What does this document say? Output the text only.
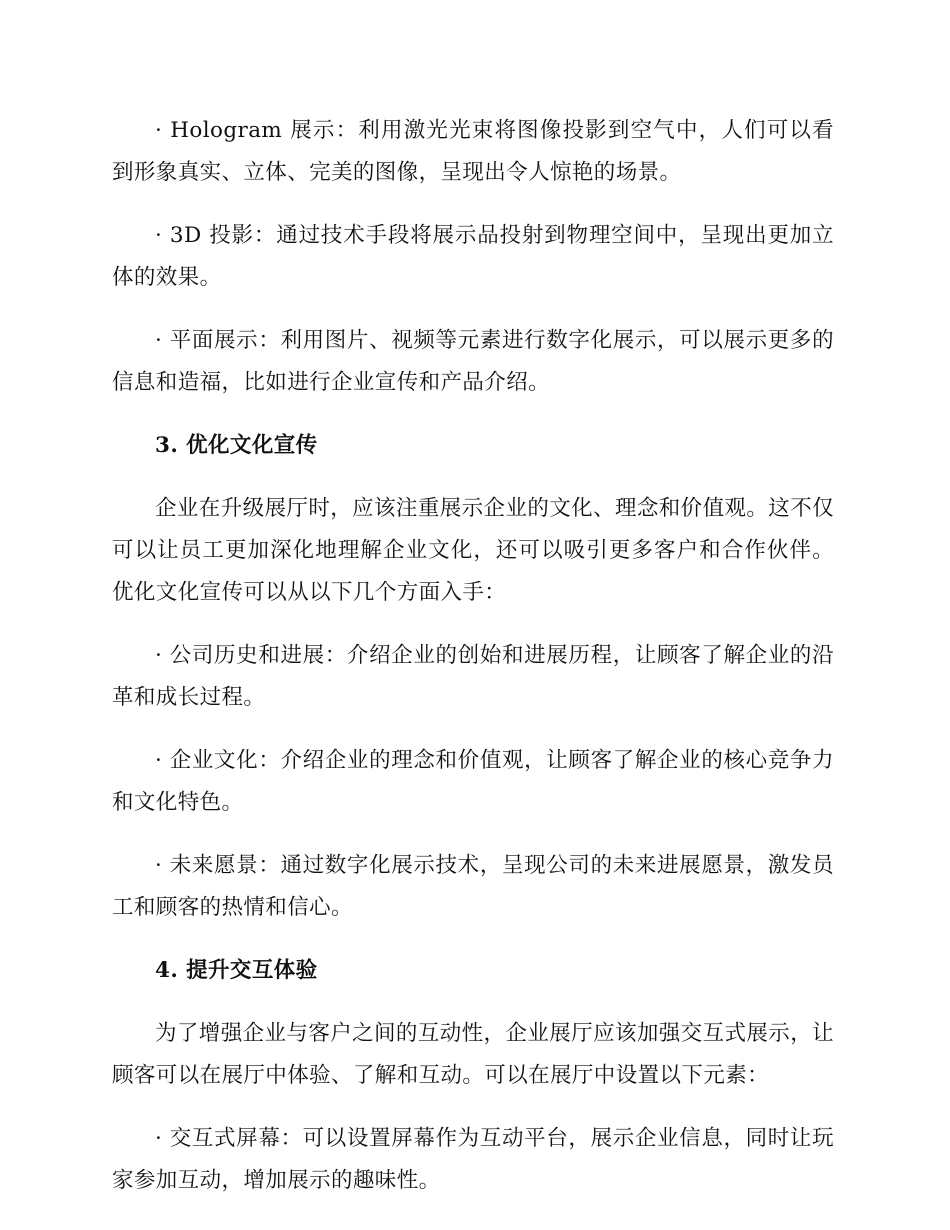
· Hologram 展示：利用激光光束将图像投影到空气中，人们可以看到形象真实、立体、完美的图像，呈现出令人惊艳的场景。

· 3D 投影：通过技术手段将展示品投射到物理空间中，呈现出更加立体的效果。

· 平面展示：利用图片、视频等元素进行数字化展示，可以展示更多的信息和造福，比如进行企业宣传和产品介绍。

3. 优化文化宣传

企业在升级展厅时，应该注重展示企业的文化、理念和价值观。这不仅可以让员工更加深化地理解企业文化，还可以吸引更多客户和合作伙伴。优化文化宣传可以从以下几个方面入手：

· 公司历史和进展：介绍企业的创始和进展历程，让顾客了解企业的沿革和成长过程。

· 企业文化：介绍企业的理念和价值观，让顾客了解企业的核心竞争力和文化特色。

· 未来愿景：通过数字化展示技术，呈现公司的未来进展愿景，激发员工和顾客的热情和信心。

4. 提升交互体验

为了增强企业与客户之间的互动性，企业展厅应该加强交互式展示，让顾客可以在展厅中体验、了解和互动。可以在展厅中设置以下元素：

· 交互式屏幕：可以设置屏幕作为互动平台，展示企业信息，同时让玩家参加互动，增加展示的趣味性。
